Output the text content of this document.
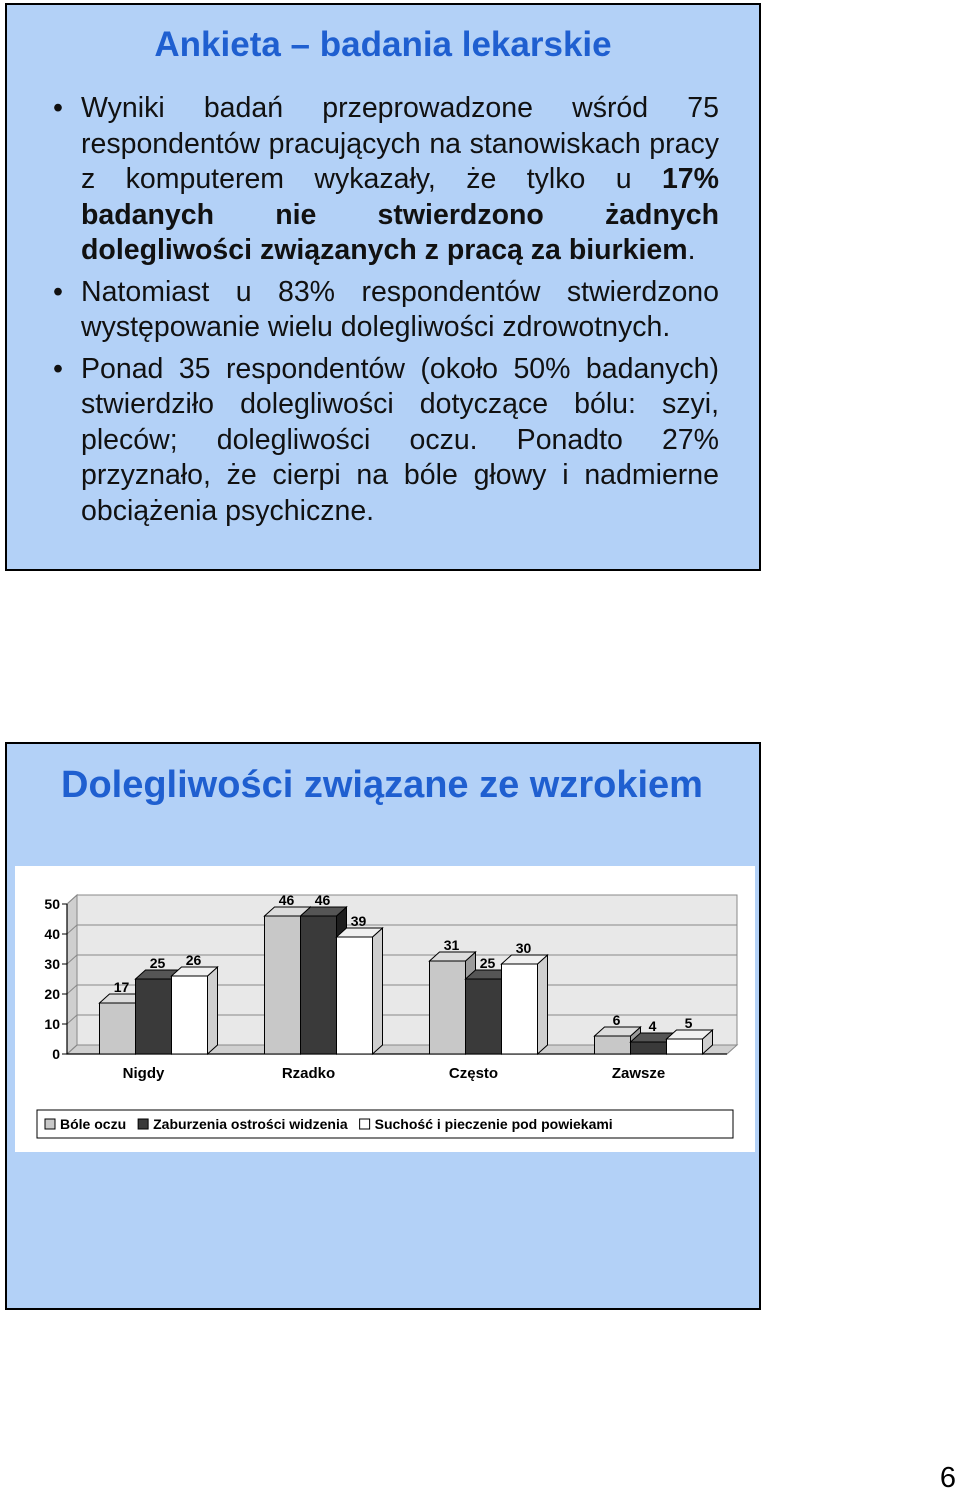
Ankieta – badania lekarskie
• Wyniki badań przeprowadzone wśród 75 respondentów pracujących na stanowiskach pracy z komputerem wykazały, że tylko u 17% badanych nie stwierdzono żadnych dolegliwości związanych z pracą za biurkiem.
• Natomiast u 83% respondentów stwierdzono występowanie wielu dolegliwości zdrowotnych.
• Ponad 35 respondentów (około 50% badanych) stwierdziło dolegliwości dotyczące bólu: szyi, pleców; dolegliwości oczu. Ponadto 27% przyznało, że cierpi na bóle głowy i nadmierne obciążenia psychiczne.
Dolegliwości związane ze wzrokiem
0
10
20
30
40
50
17
25 26
Nigdy
46 46
39
Rzadko
31
25
30
Często
6 4 5
Zawsze
Bóle oczu Zaburzenia ostrości widzenia Suchość i pieczenie pod powiekami
6
